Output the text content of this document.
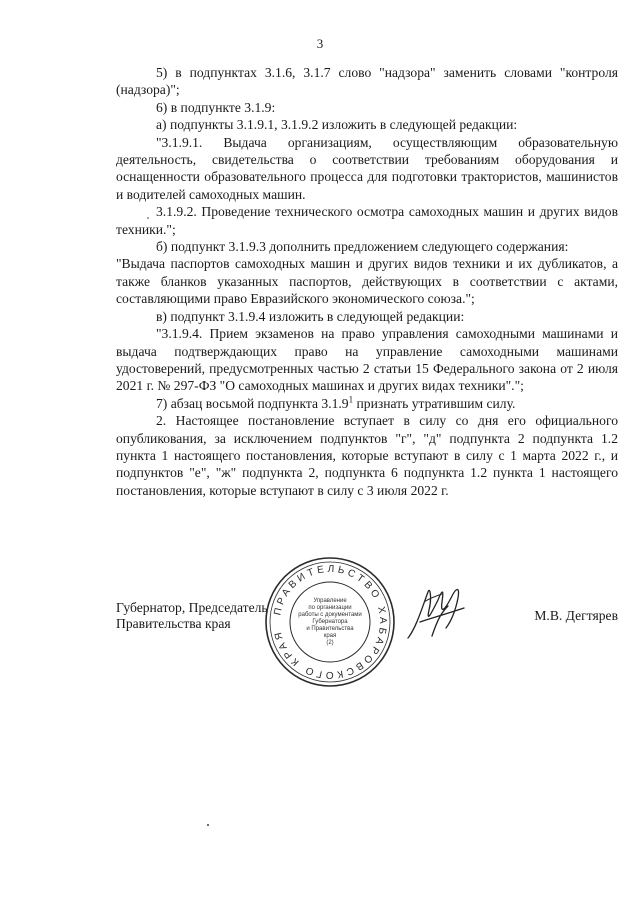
3

5) в подпунктах 3.1.6, 3.1.7 слово "надзора" заменить словами "контроля (надзора)";

6) в подпункте 3.1.9:

а) подпункты 3.1.9.1, 3.1.9.2 изложить в следующей редакции:

"3.1.9.1. Выдача организациям, осуществляющим образовательную деятельность, свидетельства о соответствии требованиям оборудования и оснащенности образовательного процесса для подготовки трактористов, машинистов и водителей самоходных машин.

3.1.9.2. Проведение технического осмотра самоходных машин и других видов техники.";

б) подпункт 3.1.9.3 дополнить предложением следующего содержания:

"Выдача паспортов самоходных машин и других видов техники и их дубликатов, а также бланков указанных паспортов, действующих в соответствии с актами, составляющими право Евразийского экономического союза.";

в) подпункт 3.1.9.4 изложить в следующей редакции:

"3.1.9.4. Прием экзаменов на право управления самоходными машинами и выдача подтверждающих право на управление самоходными машинами удостоверений, предусмотренных частью 2 статьи 15 Федерального закона от 2 июля 2021 г. № 297-ФЗ "О самоходных машинах и других видах техники".";

7) абзац восьмой подпункта 3.1.9$^1$ признать утратившим силу.

2. Настоящее постановление вступает в силу со дня его официального опубликования, за исключением подпунктов "г", "д" подпункта 2 подпункта 1.2 пункта 1 настоящего постановления, которые вступают в силу с 1 марта 2022 г., и подпунктов "е", "ж" подпункта 2, подпункта 6 подпункта 1.2 пункта 1 настоящего постановления, которые вступают в силу с 3 июля 2022 г.

Губернатор, Председатель
Правительства края
ПРАВИТЕЛЬСТВО ХАБАРОВСКОГО КРАЯ
Управление
по организации
работы с документами
Губернатора
и Правительства
края
(2)
М.В. Дегтярев
